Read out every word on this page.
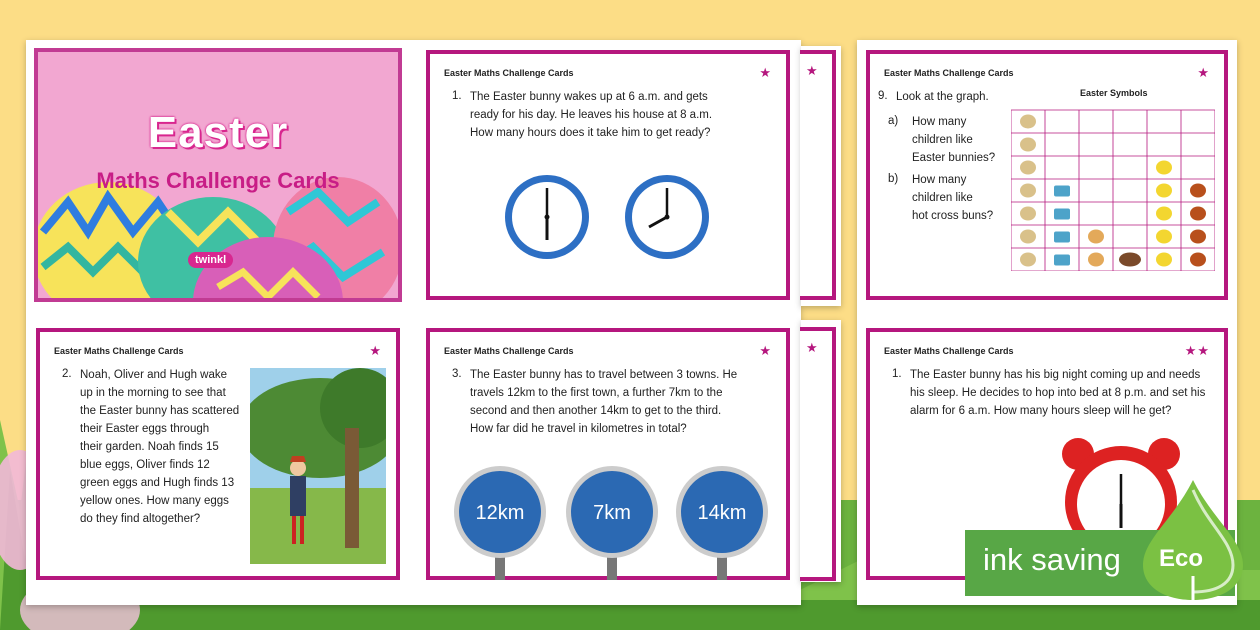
★
★
Easter
Maths Challenge Cards
twinkl
Easter Maths Challenge Cards	★
1. The Easter bunny wakes up at 6 a.m. and gets
ready for his day. He leaves his house at 8 a.m.
How many hours does it take him to get ready?
Easter Maths Challenge Cards	★
2. Noah, Oliver and Hugh wake
up in the morning to see that
the Easter bunny has scattered
their Easter eggs through
their garden. Noah finds 15
blue eggs, Oliver finds 12
green eggs and Hugh finds 13
yellow ones. How many eggs
do they find altogether?
Easter Maths Challenge Cards	★
3. The Easter bunny has to travel between 3 towns. He
travels 12km to the first town, a further 7km to the
second and then another 14km to get to the third.
How far did he travel in kilometres in total?
12km	7km	14km
Easter Maths Challenge Cards	★
9. Look at the graph.
a) How many
children like
Easter bunnies?
b) How many
children like
hot cross buns?
Easter Symbols
Easter Maths Challenge Cards	★★
1. The Easter bunny has his big night coming up and needs
his sleep. He decides to hop into bed at 8 p.m. and set his
alarm for 6 a.m. How many hours sleep will he get?
ink saving Eco
